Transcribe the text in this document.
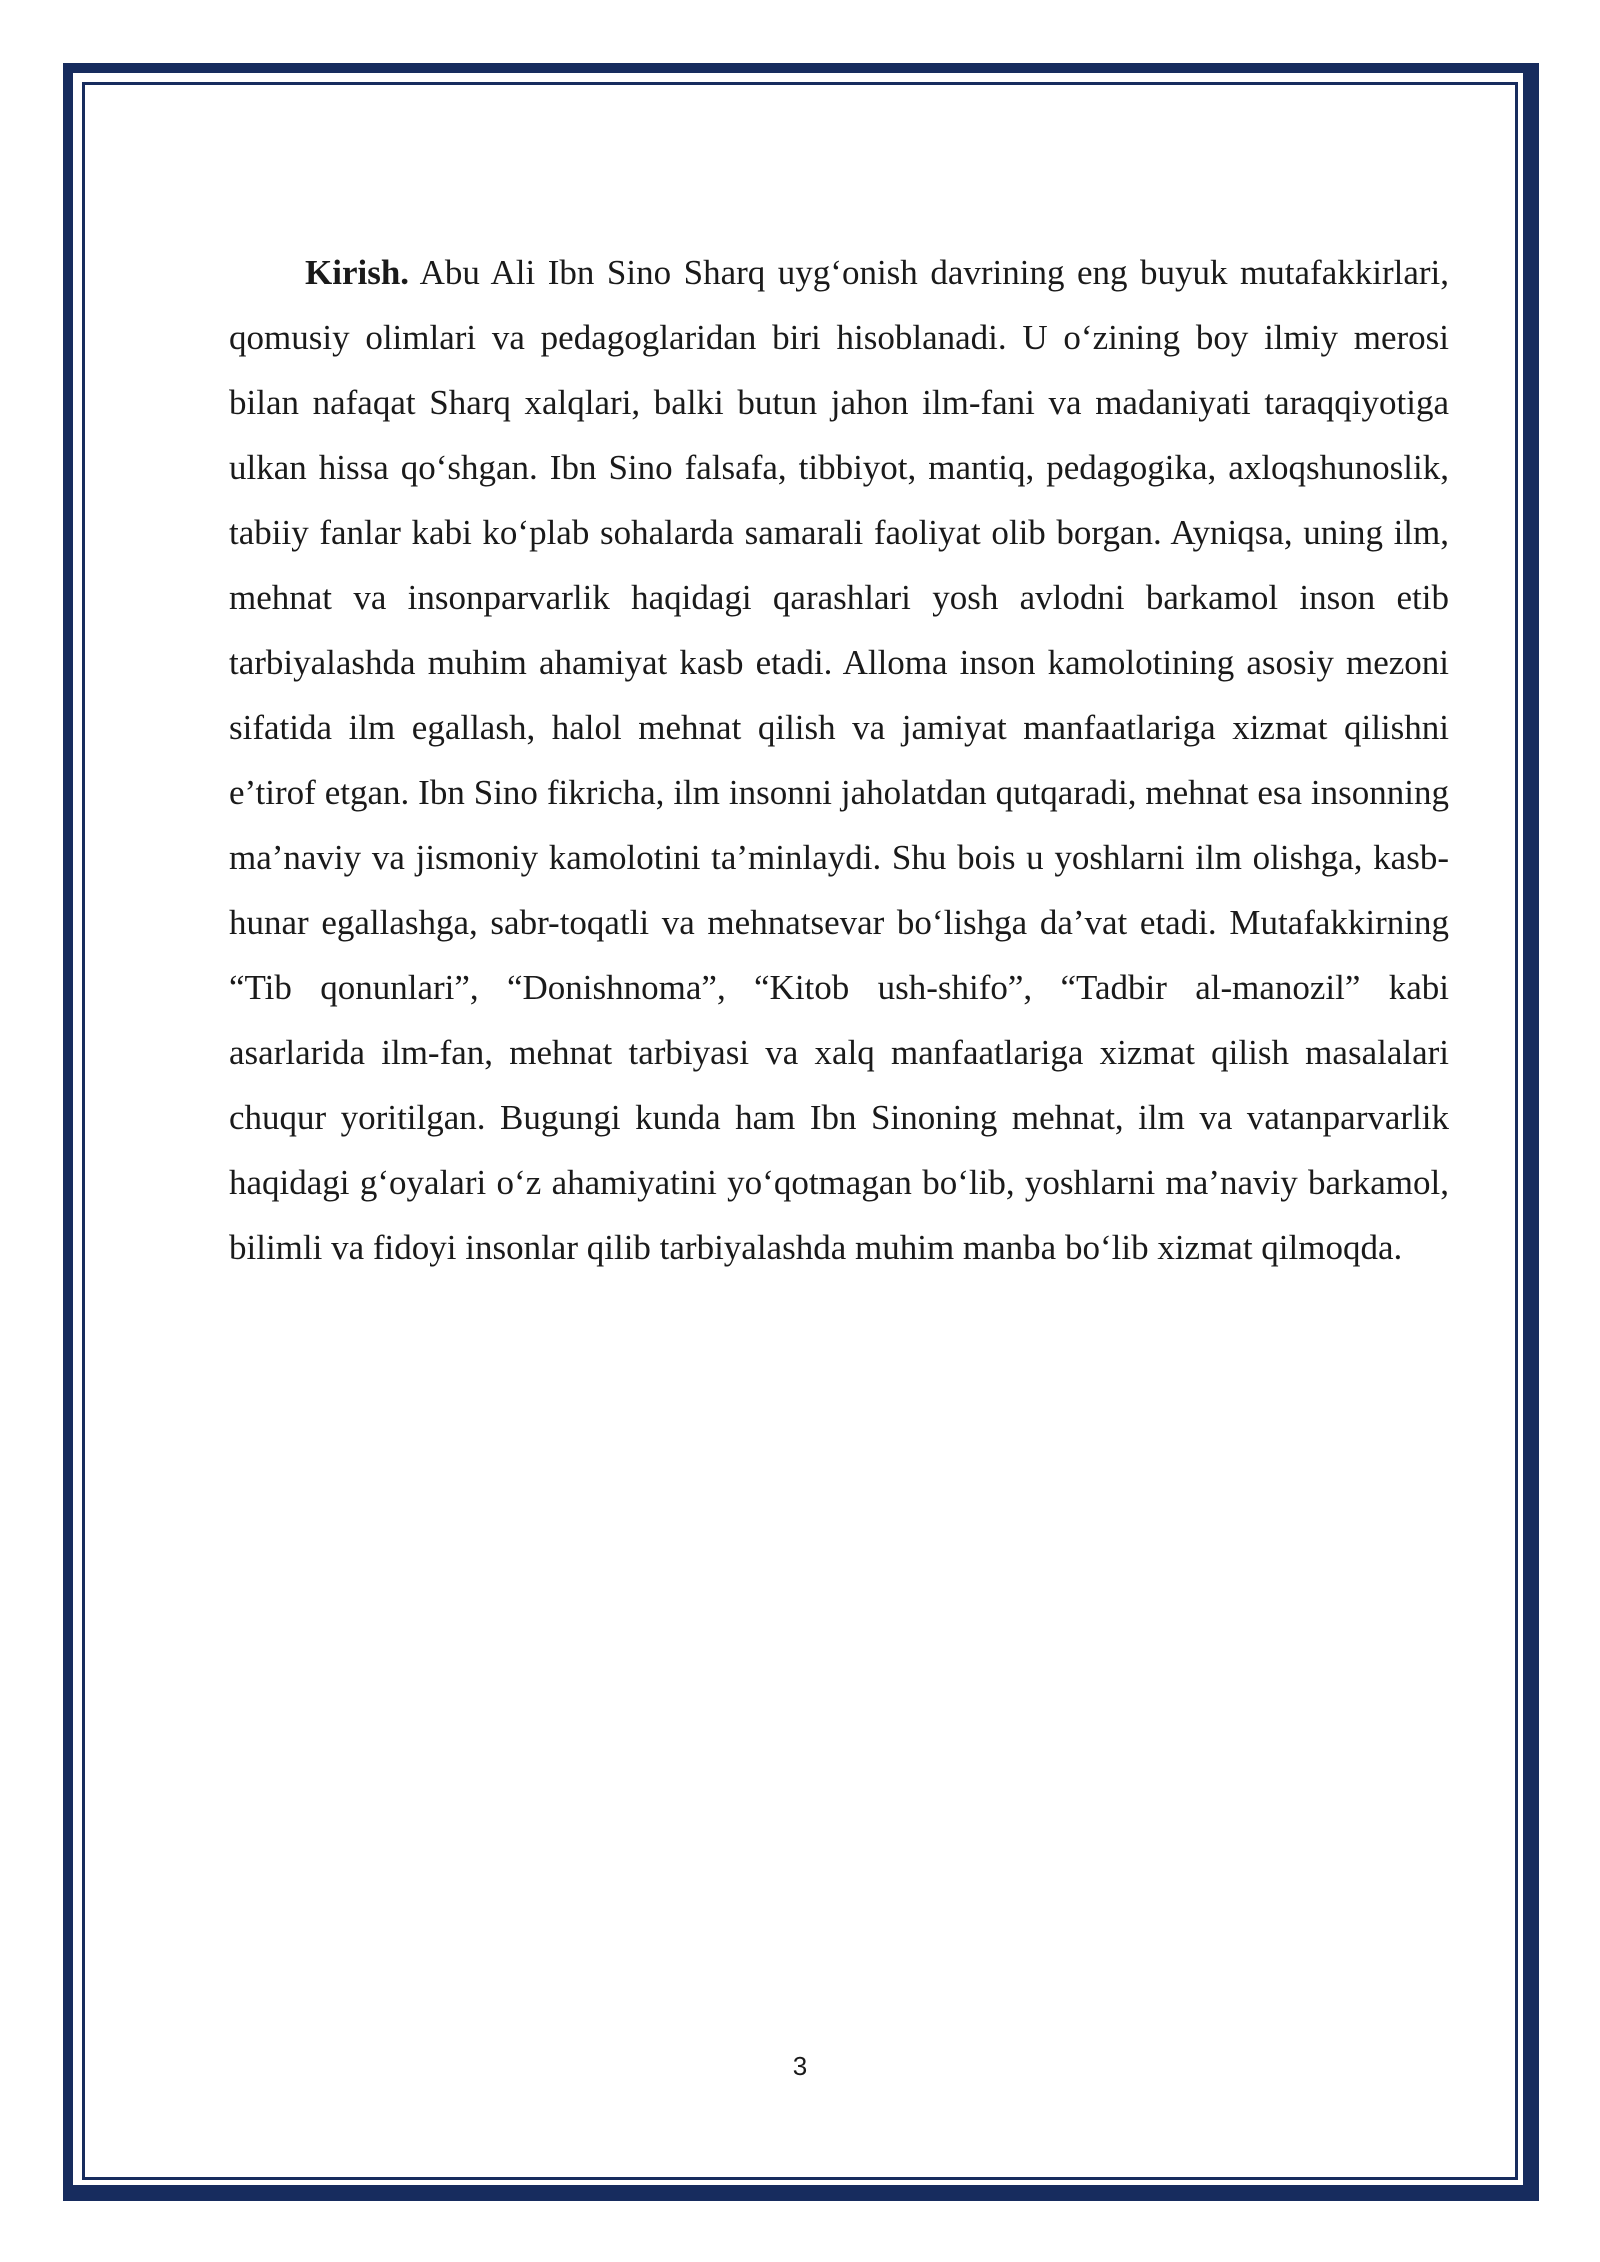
Kirish. Abu Ali Ibn Sino Sharq uyg‘onish davrining eng buyuk mutafakkirlari, qomusiy olimlari va pedagoglaridan biri hisoblanadi. U o‘zining boy ilmiy merosi bilan nafaqat Sharq xalqlari, balki butun jahon ilm-fani va madaniyati taraqqiyotiga ulkan hissa qo‘shgan. Ibn Sino falsafa, tibbiyot, mantiq, pedagogika, axloqshunoslik, tabiiy fanlar kabi ko‘plab sohalarda samarali faoliyat olib borgan. Ayniqsa, uning ilm, mehnat va insonparvarlik haqidagi qarashlari yosh avlodni barkamol inson etib tarbiyalashda muhim ahamiyat kasb etadi. Alloma inson kamolotining asosiy mezoni sifatida ilm egallash, halol mehnat qilish va jamiyat manfaatlariga xizmat qilishni e’tirof etgan. Ibn Sino fikricha, ilm insonni jaholatdan qutqaradi, mehnat esa insonning ma’naviy va jismoniy kamolotini ta’minlaydi. Shu bois u yoshlarni ilm olishga, kasb-hunar egallashga, sabr-toqatli va mehnatsevar bo‘lishga da’vat etadi. Mutafakkirning “Tib qonunlari”, “Donishnoma”, “Kitob ush-shifo”, “Tadbir al-manozil” kabi asarlarida ilm-fan, mehnat tarbiyasi va xalq manfaatlariga xizmat qilish masalalari chuqur yoritilgan. Bugungi kunda ham Ibn Sinoning mehnat, ilm va vatanparvarlik haqidagi g‘oyalari o‘z ahamiyatini yo‘qotmagan bo‘lib, yoshlarni ma’naviy barkamol, bilimli va fidoyi insonlar qilib tarbiyalashda muhim manba bo‘lib xizmat qilmoqda.

3
